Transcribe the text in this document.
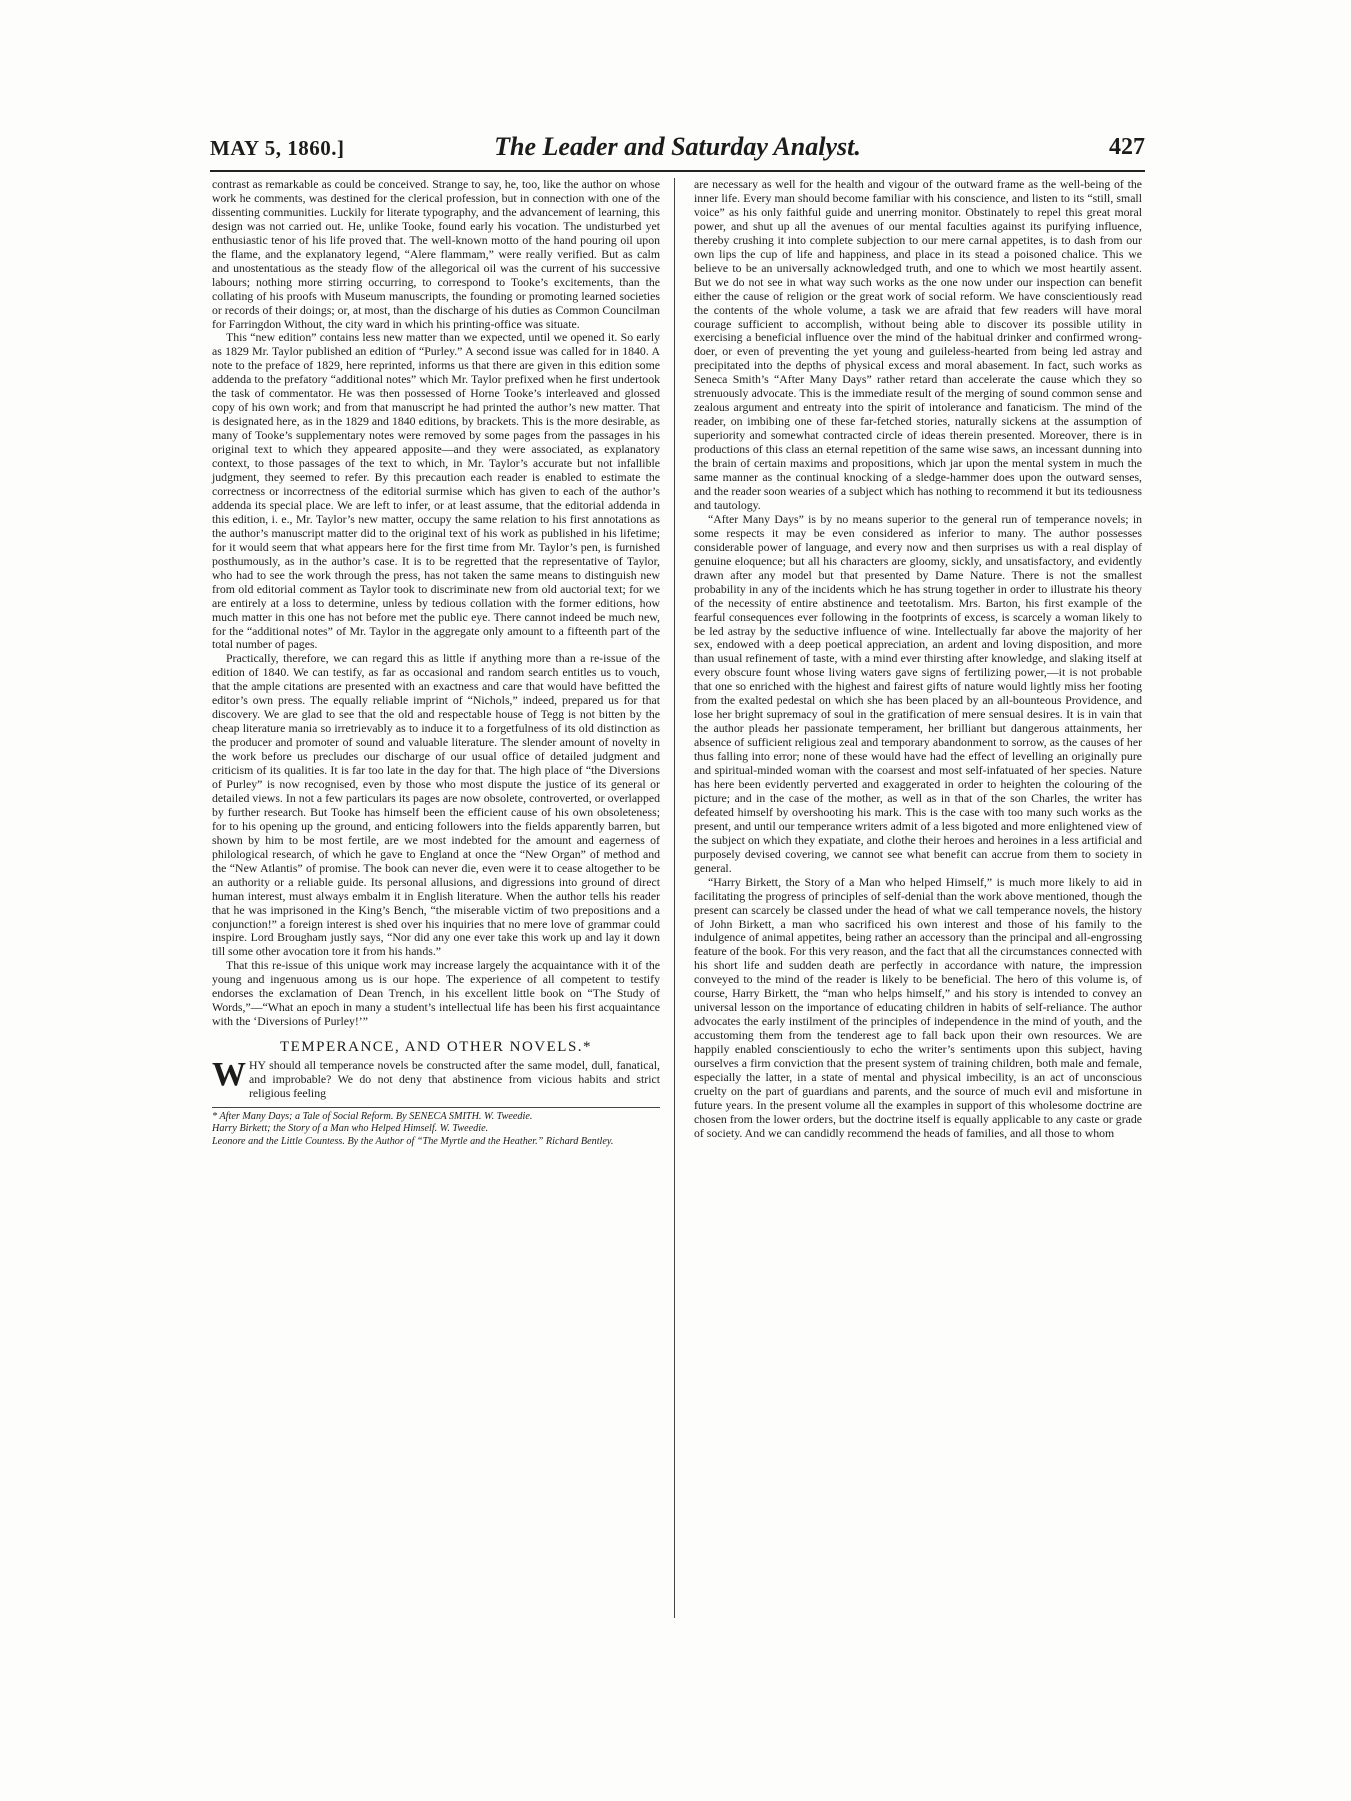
MAY 5, 1860.]	The Leader and Saturday Analyst.	427

contrast as remarkable as could be conceived. Strange to say, he, too, like the author on whose work he comments, was destined for the clerical profession, but in connection with one of the dissenting communities. Luckily for literate typography, and the advancement of learning, this design was not carried out. He, unlike Tooke, found early his vocation. The undisturbed yet enthusiastic tenor of his life proved that. The well-known motto of the hand pouring oil upon the flame, and the explanatory legend, “Alere flammam,” were really verified. But as calm and unostentatious as the steady flow of the allegorical oil was the current of his successive labours; nothing more stirring occurring, to correspond to Tooke’s excitements, than the collating of his proofs with Museum manuscripts, the founding or promoting learned societies or records of their doings; or, at most, than the discharge of his duties as Common Councilman for Farringdon Without, the city ward in which his printing-office was situate.

This “new edition” contains less new matter than we expected, until we opened it. So early as 1829 Mr. Taylor published an edition of “Purley.” A second issue was called for in 1840. A note to the preface of 1829, here reprinted, informs us that there are given in this edition some addenda to the prefatory “additional notes” which Mr. Taylor prefixed when he first undertook the task of commentator. He was then possessed of Horne Tooke’s interleaved and glossed copy of his own work; and from that manuscript he had printed the author’s new matter. That is designated here, as in the 1829 and 1840 editions, by brackets. This is the more desirable, as many of Tooke’s supplementary notes were removed by some pages from the passages in his original text to which they appeared apposite—and they were associated, as explanatory context, to those passages of the text to which, in Mr. Taylor’s accurate but not infallible judgment, they seemed to refer. By this precaution each reader is enabled to estimate the correctness or incorrectness of the editorial surmise which has given to each of the author’s addenda its special place. We are left to infer, or at least assume, that the editorial addenda in this edition, i. e., Mr. Taylor’s new matter, occupy the same relation to his first annotations as the author’s manuscript matter did to the original text of his work as published in his lifetime; for it would seem that what appears here for the first time from Mr. Taylor’s pen, is furnished posthumously, as in the author’s case. It is to be regretted that the representative of Taylor, who had to see the work through the press, has not taken the same means to distinguish new from old editorial comment as Taylor took to discriminate new from old auctorial text; for we are entirely at a loss to determine, unless by tedious collation with the former editions, how much matter in this one has not before met the public eye. There cannot indeed be much new, for the “additional notes” of Mr. Taylor in the aggregate only amount to a fifteenth part of the total number of pages.

Practically, therefore, we can regard this as little if anything more than a re-issue of the edition of 1840. We can testify, as far as occasional and random search entitles us to vouch, that the ample citations are presented with an exactness and care that would have befitted the editor’s own press. The equally reliable imprint of “Nichols,” indeed, prepared us for that discovery. We are glad to see that the old and respectable house of Tegg is not bitten by the cheap literature mania so irretrievably as to induce it to a forgetfulness of its old distinction as the producer and promoter of sound and valuable literature. The slender amount of novelty in the work before us precludes our discharge of our usual office of detailed judgment and criticism of its qualities. It is far too late in the day for that. The high place of “the Diversions of Purley” is now recognised, even by those who most dispute the justice of its general or detailed views. In not a few particulars its pages are now obsolete, controverted, or overlapped by further research. But Tooke has himself been the efficient cause of his own obsoleteness; for to his opening up the ground, and enticing followers into the fields apparently barren, but shown by him to be most fertile, are we most indebted for the amount and eagerness of philological research, of which he gave to England at once the “New Organ” of method and the “New Atlantis” of promise. The book can never die, even were it to cease altogether to be an authority or a reliable guide. Its personal allusions, and digressions into ground of direct human interest, must always embalm it in English literature. When the author tells his reader that he was imprisoned in the King’s Bench, “the miserable victim of two prepositions and a conjunction!” a foreign interest is shed over his inquiries that no mere love of grammar could inspire. Lord Brougham justly says, “Nor did any one ever take this work up and lay it down till some other avocation tore it from his hands.”

That this re-issue of this unique work may increase largely the acquaintance with it of the young and ingenuous among us is our hope. The experience of all competent to testify endorses the exclamation of Dean Trench, in his excellent little book on “The Study of Words,”—“What an epoch in many a student’s intellectual life has been his first acquaintance with the ‘Diversions of Purley!’”

TEMPERANCE, AND OTHER NOVELS.*

WHY should all temperance novels be constructed after the same model, dull, fanatical, and improbable? We do not deny that abstinence from vicious habits and strict religious feeling

* After Many Days; a Tale of Social Reform. By SENECA SMITH. W. Tweedie.

Harry Birkett; the Story of a Man who Helped Himself. W. Tweedie.

Leonore and the Little Countess. By the Author of “The Myrtle and the Heather.” Richard Bentley.

are necessary as well for the health and vigour of the outward frame as the well-being of the inner life. Every man should become familiar with his conscience, and listen to its “still, small voice” as his only faithful guide and unerring monitor. Obstinately to repel this great moral power, and shut up all the avenues of our mental faculties against its purifying influence, thereby crushing it into complete subjection to our mere carnal appetites, is to dash from our own lips the cup of life and happiness, and place in its stead a poisoned chalice. This we believe to be an universally acknowledged truth, and one to which we most heartily assent. But we do not see in what way such works as the one now under our inspection can benefit either the cause of religion or the great work of social reform. We have conscientiously read the contents of the whole volume, a task we are afraid that few readers will have moral courage sufficient to accomplish, without being able to discover its possible utility in exercising a beneficial influence over the mind of the habitual drinker and confirmed wrong-doer, or even of preventing the yet young and guileless-hearted from being led astray and precipitated into the depths of physical excess and moral abasement. In fact, such works as Seneca Smith’s “After Many Days” rather retard than accelerate the cause which they so strenuously advocate. This is the immediate result of the merging of sound common sense and zealous argument and entreaty into the spirit of intolerance and fanaticism. The mind of the reader, on imbibing one of these far-fetched stories, naturally sickens at the assumption of superiority and somewhat contracted circle of ideas therein presented. Moreover, there is in productions of this class an eternal repetition of the same wise saws, an incessant dunning into the brain of certain maxims and propositions, which jar upon the mental system in much the same manner as the continual knocking of a sledge-hammer does upon the outward senses, and the reader soon wearies of a subject which has nothing to recommend it but its tediousness and tautology.

“After Many Days” is by no means superior to the general run of temperance novels; in some respects it may be even considered as inferior to many. The author possesses considerable power of language, and every now and then surprises us with a real display of genuine eloquence; but all his characters are gloomy, sickly, and unsatisfactory, and evidently drawn after any model but that presented by Dame Nature. There is not the smallest probability in any of the incidents which he has strung together in order to illustrate his theory of the necessity of entire abstinence and teetotalism. Mrs. Barton, his first example of the fearful consequences ever following in the footprints of excess, is scarcely a woman likely to be led astray by the seductive influence of wine. Intellectually far above the majority of her sex, endowed with a deep poetical appreciation, an ardent and loving disposition, and more than usual refinement of taste, with a mind ever thirsting after knowledge, and slaking itself at every obscure fount whose living waters gave signs of fertilizing power,—it is not probable that one so enriched with the highest and fairest gifts of nature would lightly miss her footing from the exalted pedestal on which she has been placed by an all-bounteous Providence, and lose her bright supremacy of soul in the gratification of mere sensual desires. It is in vain that the author pleads her passionate temperament, her brilliant but dangerous attainments, her absence of sufficient religious zeal and temporary abandonment to sorrow, as the causes of her thus falling into error; none of these would have had the effect of levelling an originally pure and spiritual-minded woman with the coarsest and most self-infatuated of her species. Nature has here been evidently perverted and exaggerated in order to heighten the colouring of the picture; and in the case of the mother, as well as in that of the son Charles, the writer has defeated himself by overshooting his mark. This is the case with too many such works as the present, and until our temperance writers admit of a less bigoted and more enlightened view of the subject on which they expatiate, and clothe their heroes and heroines in a less artificial and purposely devised covering, we cannot see what benefit can accrue from them to society in general.

“Harry Birkett, the Story of a Man who helped Himself,” is much more likely to aid in facilitating the progress of principles of self-denial than the work above mentioned, though the present can scarcely be classed under the head of what we call temperance novels, the history of John Birkett, a man who sacrificed his own interest and those of his family to the indulgence of animal appetites, being rather an accessory than the principal and all-engrossing feature of the book. For this very reason, and the fact that all the circumstances connected with his short life and sudden death are perfectly in accordance with nature, the impression conveyed to the mind of the reader is likely to be beneficial. The hero of this volume is, of course, Harry Birkett, the “man who helps himself,” and his story is intended to convey an universal lesson on the importance of educating children in habits of self-reliance. The author advocates the early instilment of the principles of independence in the mind of youth, and the accustoming them from the tenderest age to fall back upon their own resources. We are happily enabled conscientiously to echo the writer’s sentiments upon this subject, having ourselves a firm conviction that the present system of training children, both male and female, especially the latter, in a state of mental and physical imbecility, is an act of unconscious cruelty on the part of guardians and parents, and the source of much evil and misfortune in future years. In the present volume all the examples in support of this wholesome doctrine are chosen from the lower orders, but the doctrine itself is equally applicable to any caste or grade of society. And we can candidly recommend the heads of families, and all those to whom
